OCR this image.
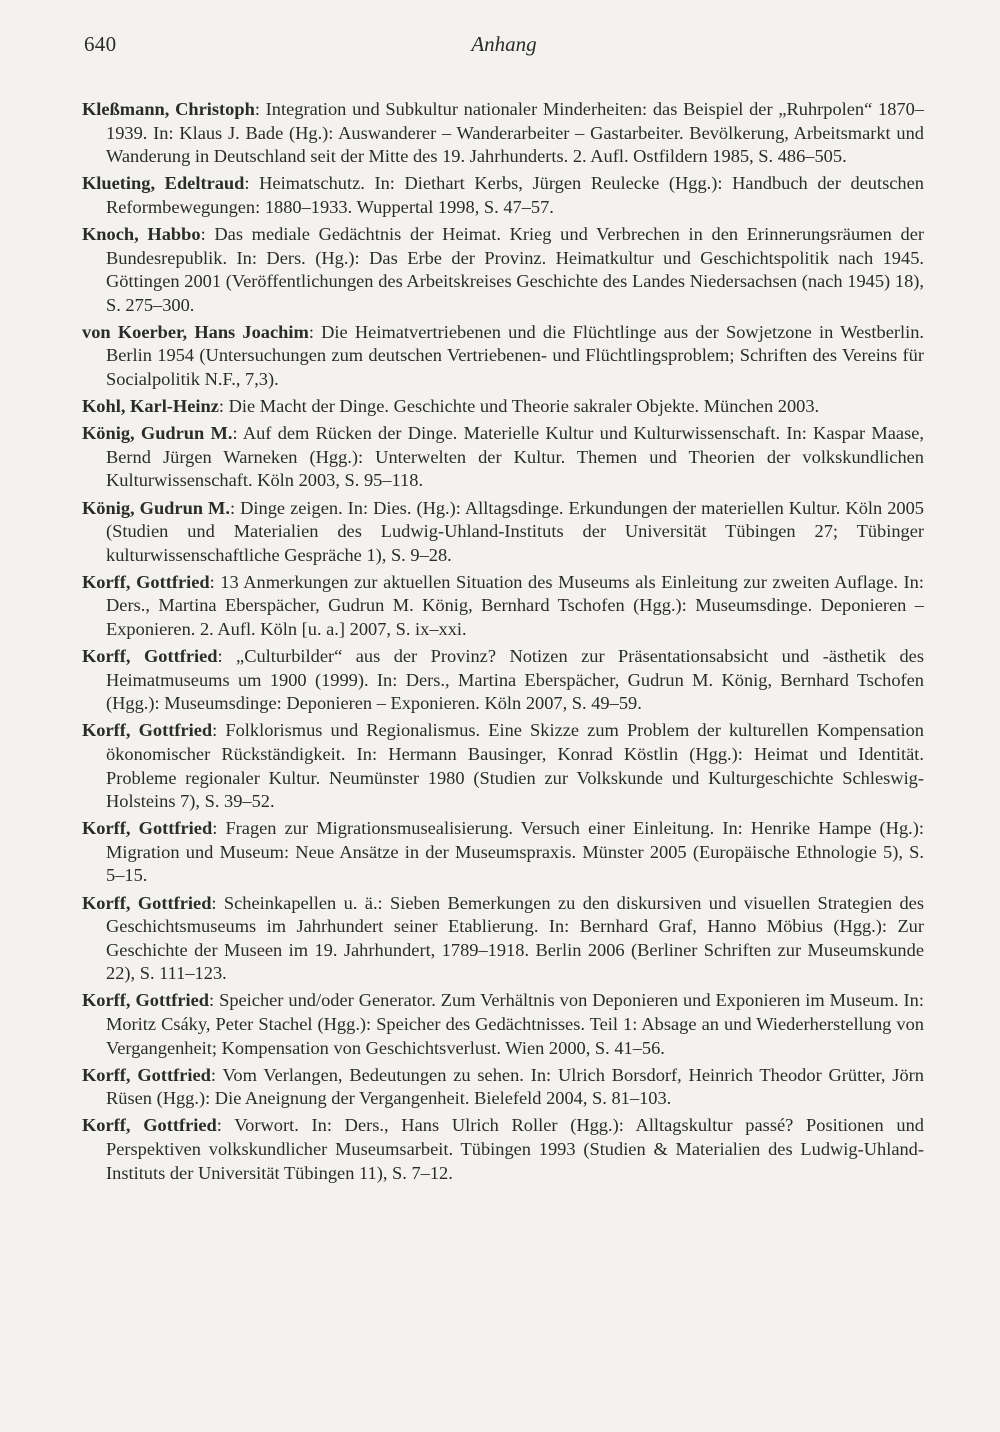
640	Anhang
Kleßmann, Christoph: Integration und Subkultur nationaler Minderheiten: das Beispiel der „Ruhrpolen“ 1870–1939. In: Klaus J. Bade (Hg.): Auswanderer – Wanderarbeiter – Gastarbeiter. Bevölkerung, Arbeitsmarkt und Wanderung in Deutschland seit der Mitte des 19. Jahrhunderts. 2. Aufl. Ostfildern 1985, S. 486–505.
Klueting, Edeltraud: Heimatschutz. In: Diethart Kerbs, Jürgen Reulecke (Hgg.): Handbuch der deutschen Reformbewegungen: 1880–1933. Wuppertal 1998, S. 47–57.
Knoch, Habbo: Das mediale Gedächtnis der Heimat. Krieg und Verbrechen in den Erinnerungsräumen der Bundesrepublik. In: Ders. (Hg.): Das Erbe der Provinz. Heimatkultur und Geschichtspolitik nach 1945. Göttingen 2001 (Veröffentlichungen des Arbeitskreises Geschichte des Landes Niedersachsen (nach 1945) 18), S. 275–300.
von Koerber, Hans Joachim: Die Heimatvertriebenen und die Flüchtlinge aus der Sowjetzone in Westberlin. Berlin 1954 (Untersuchungen zum deutschen Vertriebenen- und Flüchtlingsproblem; Schriften des Vereins für Socialpolitik N.F., 7,3).
Kohl, Karl-Heinz: Die Macht der Dinge. Geschichte und Theorie sakraler Objekte. München 2003.
König, Gudrun M.: Auf dem Rücken der Dinge. Materielle Kultur und Kulturwissenschaft. In: Kaspar Maase, Bernd Jürgen Warneken (Hgg.): Unterwelten der Kultur. Themen und Theorien der volkskundlichen Kulturwissenschaft. Köln 2003, S. 95–118.
König, Gudrun M.: Dinge zeigen. In: Dies. (Hg.): Alltagsdinge. Erkundungen der materiellen Kultur. Köln 2005 (Studien und Materialien des Ludwig-Uhland-Instituts der Universität Tübingen 27; Tübinger kulturwissenschaftliche Gespräche 1), S. 9–28.
Korff, Gottfried: 13 Anmerkungen zur aktuellen Situation des Museums als Einleitung zur zweiten Auflage. In: Ders., Martina Eberspächer, Gudrun M. König, Bernhard Tschofen (Hgg.): Museumsdinge. Deponieren – Exponieren. 2. Aufl. Köln [u. a.] 2007, S. ix–xxi.
Korff, Gottfried: „Culturbilder“ aus der Provinz? Notizen zur Präsentationsabsicht und -ästhetik des Heimatmuseums um 1900 (1999). In: Ders., Martina Eberspächer, Gudrun M. König, Bernhard Tschofen (Hgg.): Museumsdinge: Deponieren – Exponieren. Köln 2007, S. 49–59.
Korff, Gottfried: Folklorismus und Regionalismus. Eine Skizze zum Problem der kulturellen Kompensation ökonomischer Rückständigkeit. In: Hermann Bausinger, Konrad Köstlin (Hgg.): Heimat und Identität. Probleme regionaler Kultur. Neumünster 1980 (Studien zur Volkskunde und Kulturgeschichte Schleswig-Holsteins 7), S. 39–52.
Korff, Gottfried: Fragen zur Migrationsmusealisierung. Versuch einer Einleitung. In: Henrike Hampe (Hg.): Migration und Museum: Neue Ansätze in der Museumspraxis. Münster 2005 (Europäische Ethnologie 5), S. 5–15.
Korff, Gottfried: Scheinkapellen u. ä.: Sieben Bemerkungen zu den diskursiven und visuellen Strategien des Geschichtsmuseums im Jahrhundert seiner Etablierung. In: Bernhard Graf, Hanno Möbius (Hgg.): Zur Geschichte der Museen im 19. Jahrhundert, 1789–1918. Berlin 2006 (Berliner Schriften zur Museumskunde 22), S. 111–123.
Korff, Gottfried: Speicher und/oder Generator. Zum Verhältnis von Deponieren und Exponieren im Museum. In: Moritz Csáky, Peter Stachel (Hgg.): Speicher des Gedächtnisses. Teil 1: Absage an und Wiederherstellung von Vergangenheit; Kompensation von Geschichtsverlust. Wien 2000, S. 41–56.
Korff, Gottfried: Vom Verlangen, Bedeutungen zu sehen. In: Ulrich Borsdorf, Heinrich Theodor Grütter, Jörn Rüsen (Hgg.): Die Aneignung der Vergangenheit. Bielefeld 2004, S. 81–103.
Korff, Gottfried: Vorwort. In: Ders., Hans Ulrich Roller (Hgg.): Alltagskultur passé? Positionen und Perspektiven volkskundlicher Museumsarbeit. Tübingen 1993 (Studien & Materialien des Ludwig-Uhland-Instituts der Universität Tübingen 11), S. 7–12.
